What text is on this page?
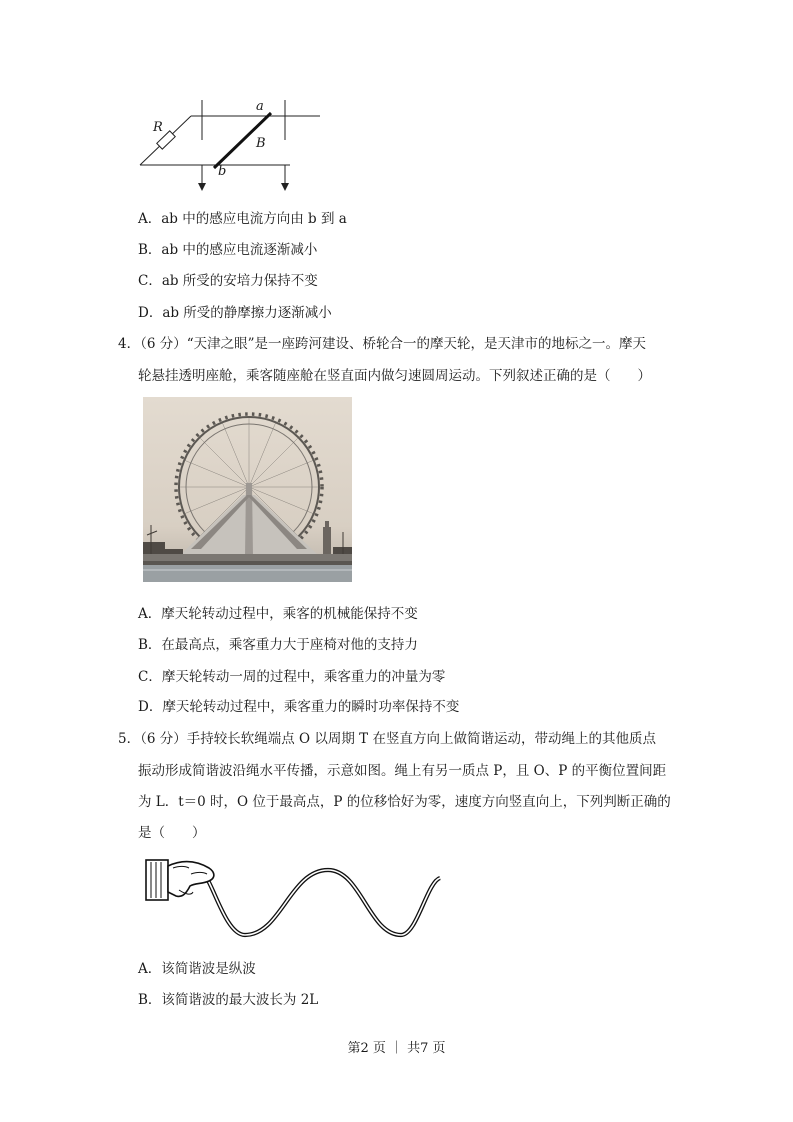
R
a
B
b
A．ab 中的感应电流方向由 b 到 a
B．ab 中的感应电流逐渐减小
C．ab 所受的安培力保持不变
D．ab 所受的静摩擦力逐渐减小
4．（6 分）“天津之眼”是一座跨河建设、桥轮合一的摩天轮，是天津市的地标之一。摩天
轮悬挂透明座舱，乘客随座舱在竖直面内做匀速圆周运动。下列叙述正确的是（　　）
A．摩天轮转动过程中，乘客的机械能保持不变
B．在最高点，乘客重力大于座椅对他的支持力
C．摩天轮转动一周的过程中，乘客重力的冲量为零
D．摩天轮转动过程中，乘客重力的瞬时功率保持不变
5．（6 分）手持较长软绳端点 O 以周期 T 在竖直方向上做简谐运动，带动绳上的其他质点
振动形成简谐波沿绳水平传播，示意如图。绳上有另一质点 P，且 O、P 的平衡位置间距
为 L．t＝0 时，O 位于最高点，P 的位移恰好为零，速度方向竖直向上，下列判断正确的
是（　　）
A．该简谐波是纵波
B．该简谐波的最大波长为 2L
第2 页 ｜ 共7 页
